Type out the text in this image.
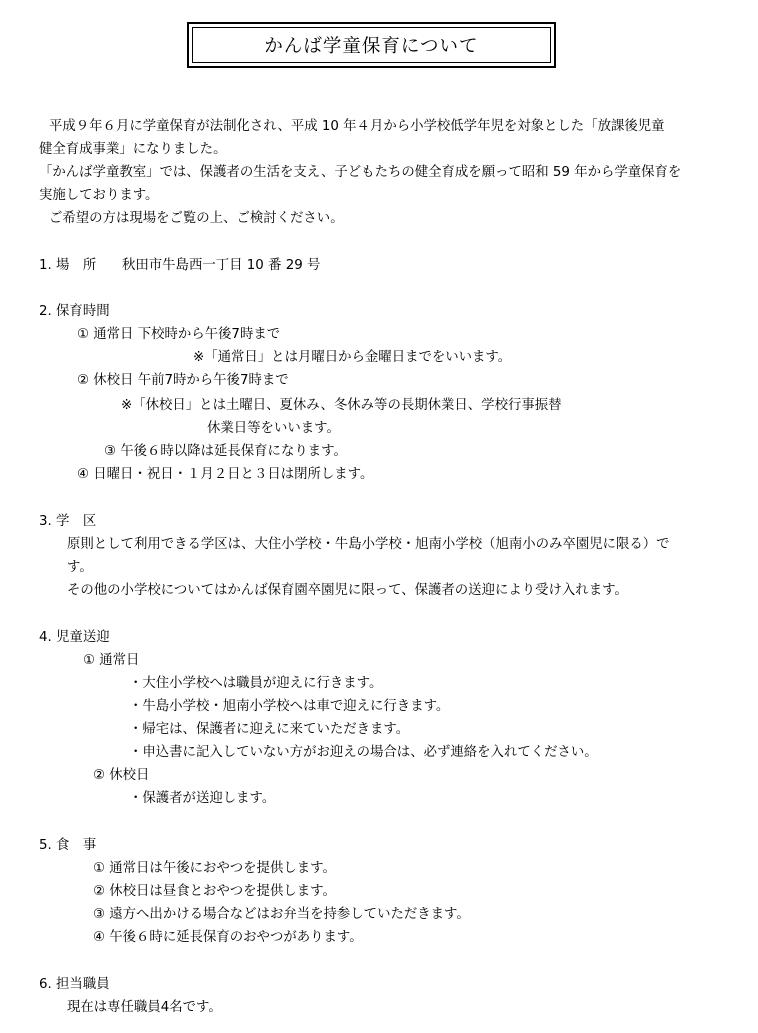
かんば学童保育について
平成９年６月に学童保育が法制化され、平成 10 年４月から小学校低学年児を対象とした「放課後児童
健全育成事業」になりました。
「かんば学童教室」では、保護者の生活を支え、子どもたちの健全育成を願って昭和 59 年から学童保育を
実施しております。
ご希望の方は現場をご覧の上、ご検討ください。
1. 場　所 秋田市牛島西一丁目 10 番 29 号
2. 保育時間
① 通常日 下校時から午後7時まで
※「通常日」とは月曜日から金曜日までをいいます。
② 休校日 午前7時から午後7時まで
※「休校日」とは土曜日、夏休み、冬休み等の長期休業日、学校行事振替
休業日等をいいます。
③ 午後６時以降は延長保育になります。
④ 日曜日・祝日・１月２日と３日は閉所します。
3. 学　区
原則として利用できる学区は、大住小学校・牛島小学校・旭南小学校（旭南小のみ卒園児に限る）で
す。
その他の小学校についてはかんば保育園卒園児に限って、保護者の送迎により受け入れます。
4. 児童送迎
① 通常日
・大住小学校へは職員が迎えに行きます。
・牛島小学校・旭南小学校へは車で迎えに行きます。
・帰宅は、保護者に迎えに来ていただきます。
・申込書に記入していない方がお迎えの場合は、必ず連絡を入れてください。
② 休校日
・保護者が送迎します。
5. 食　事
① 通常日は午後におやつを提供します。
② 休校日は昼食とおやつを提供します。
③ 遠方へ出かける場合などはお弁当を持参していただきます。
④ 午後６時に延長保育のおやつがあります。
6. 担当職員
現在は専任職員4名です。
